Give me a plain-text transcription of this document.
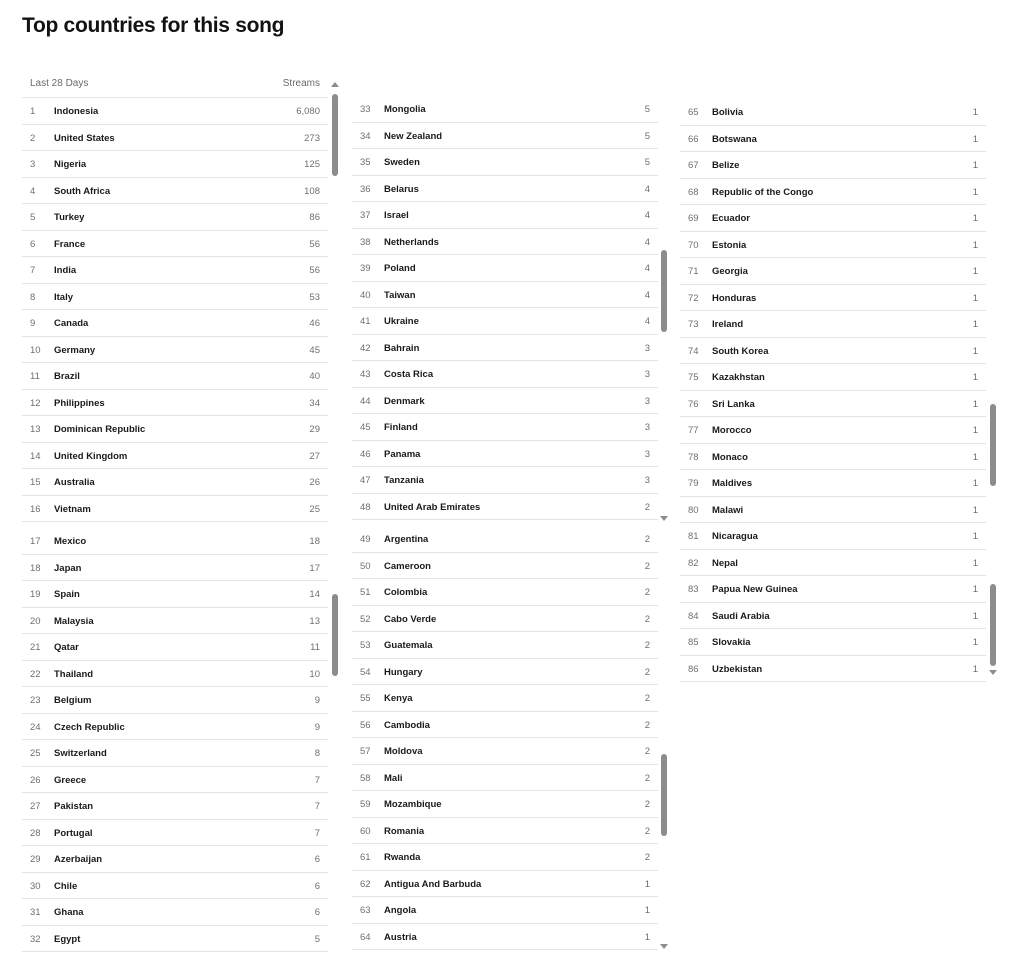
Top countries for this song
Last 28 Days	Streams
1 Indonesia	6,080
2 United States	273
3 Nigeria	125
4 South Africa	108
5 Turkey	86
6 France	56
7 India	56
8 Italy	53
9 Canada	46
10 Germany	45
11 Brazil	40
12 Philippines	34
13 Dominican Republic	29
14 United Kingdom	27
15 Australia	26
16 Vietnam	25
17 Mexico	18
18 Japan	17
19 Spain	14
20 Malaysia	13
21 Qatar	11
22 Thailand	10
23 Belgium	9
24 Czech Republic	9
25 Switzerland	8
26 Greece	7
27 Pakistan	7
28 Portugal	7
29 Azerbaijan	6
30 Chile	6
31 Ghana	6
32 Egypt	5
33 Mongolia	5
34 New Zealand	5
35 Sweden	5
36 Belarus	4
37 Israel	4
38 Netherlands	4
39 Poland	4
40 Taiwan	4
41 Ukraine	4
42 Bahrain	3
43 Costa Rica	3
44 Denmark	3
45 Finland	3
46 Panama	3
47 Tanzania	3
48 United Arab Emirates	2
49 Argentina	2
50 Cameroon	2
51 Colombia	2
52 Cabo Verde	2
53 Guatemala	2
54 Hungary	2
55 Kenya	2
56 Cambodia	2
57 Moldova	2
58 Mali	2
59 Mozambique	2
60 Romania	2
61 Rwanda	2
62 Antigua And Barbuda	1
63 Angola	1
64 Austria	1
65 Bolivia	1
66 Botswana	1
67 Belize	1
68 Republic of the Congo	1
69 Ecuador	1
70 Estonia	1
71 Georgia	1
72 Honduras	1
73 Ireland	1
74 South Korea	1
75 Kazakhstan	1
76 Sri Lanka	1
77 Morocco	1
78 Monaco	1
79 Maldives	1
80 Malawi	1
81 Nicaragua	1
82 Nepal	1
83 Papua New Guinea	1
84 Saudi Arabia	1
85 Slovakia	1
86 Uzbekistan	1
